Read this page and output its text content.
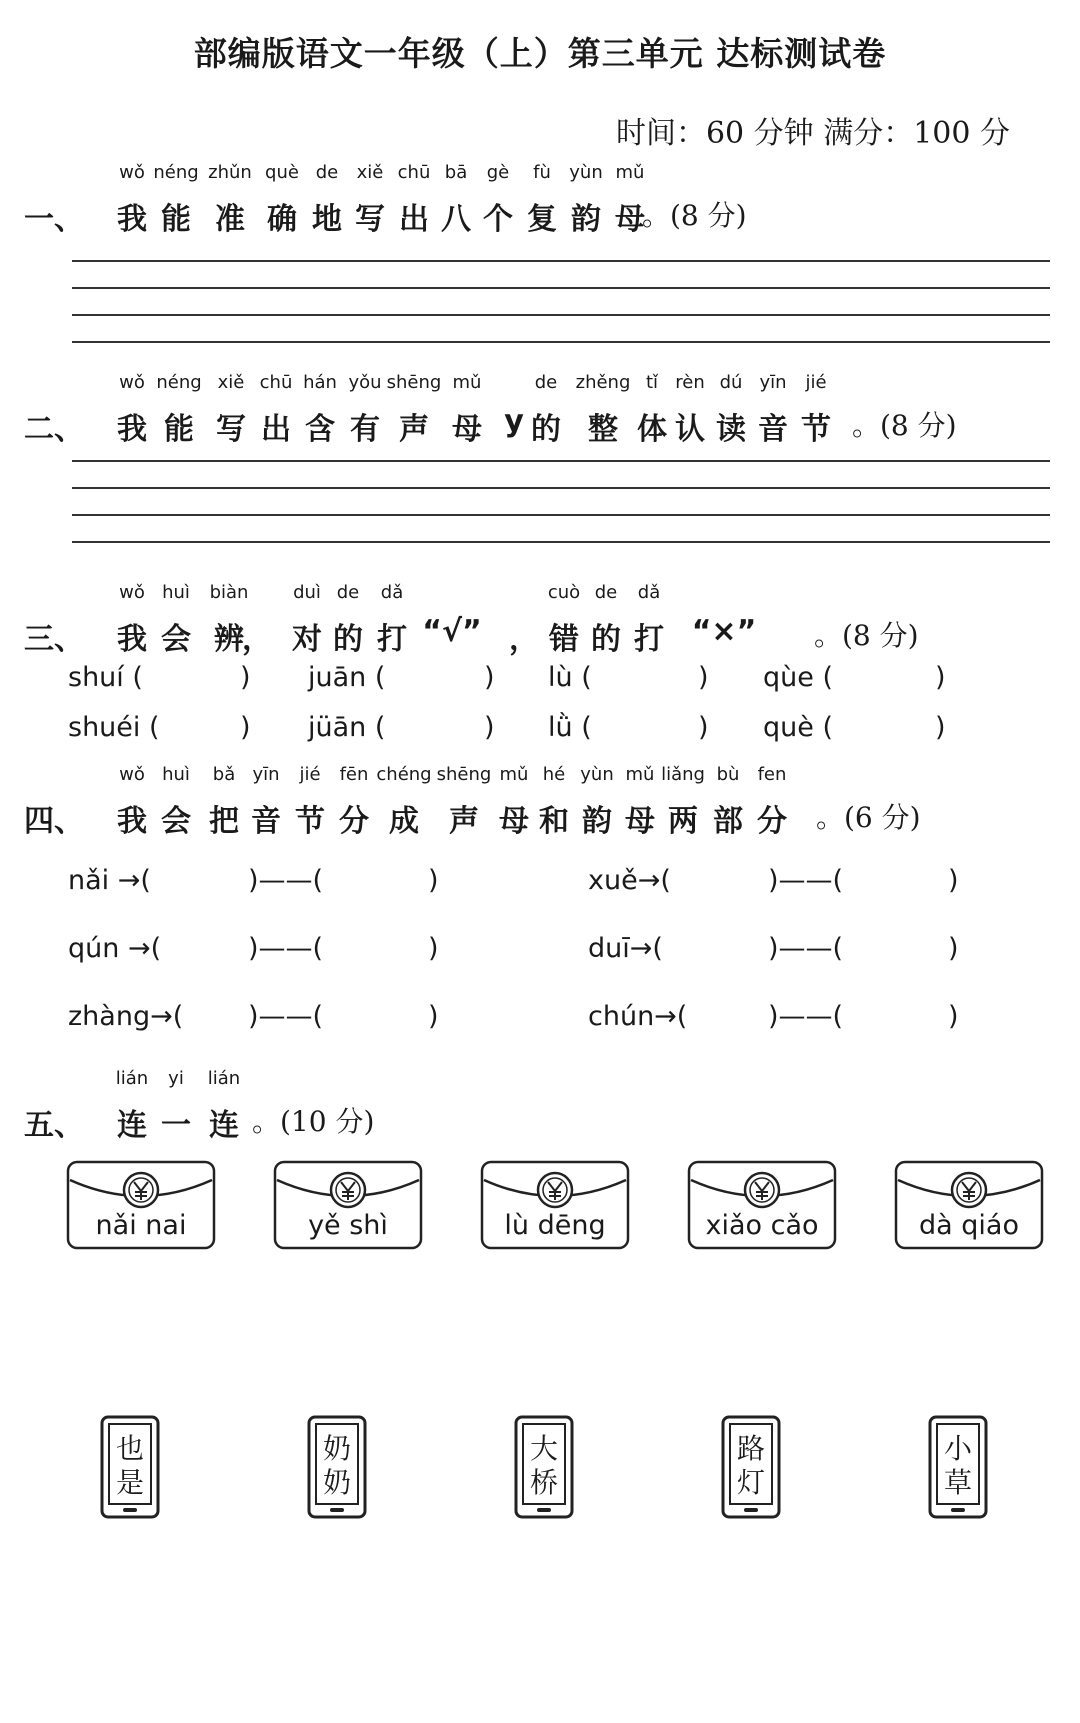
部编版语文一年级（上）第三单元 达标测试卷
时间：60 分钟 满分：100 分
wǒ néng zhǔn què de xiě chū bā gè fù yùn mǔ
一、 我 能 准 确 地 写 出 八 个 复 韵 母
。(8 分)
wǒ néng xiě chū hán yǒu shēng mǔ	de zhěng tǐ rèn dú yīn jié
二、 我 能 写 出 含 有 声 母 y 的 整 体 认 读 音 节 。(8 分)
wǒ huì biàn duì de dǎ	cuò de dǎ
三、 我 会 辨
， 对 的 打 “√” ， 错 的 打 “×” 。(8 分)
shuí (	) juān (	) lù (	) qùe (	)
shuéi (	) jüān (	) lǜ (	) què (	)
wǒ huì bǎ yīn jié fēn chéng shēng mǔ hé yùn mǔ liǎng bù fen
四、 我 会 把 音 节 分 成 声 母 和 韵 母 两 部 分 。(6 分)
nǎi →(	)——(	)	xuě→(	)——(	)
qún →(	)——(	)	duī→(	)——(	)
zhàng→( )——(	)	chún→(	)——(	)
lián yi lián
五、 连 一 连 。(10 分)
nǎi nai	yě shì	lù dēng	xiǎo cǎo	dà qiáo
也
是
奶
奶
大
桥
路
灯
小
草
